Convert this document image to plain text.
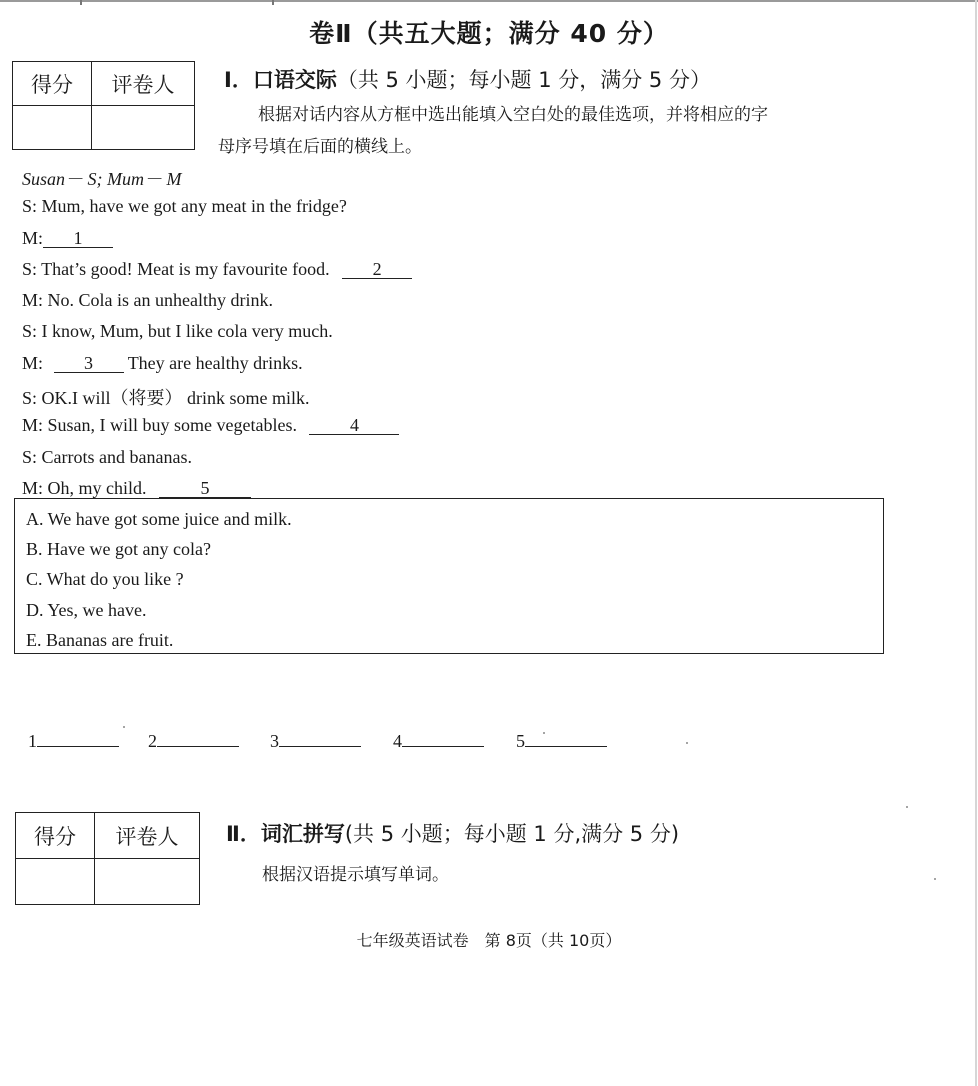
卷Ⅱ（共五大题；满分 40 分）
得分	评卷人
	Ⅰ．口语交际（共 5 小题；每小题 1 分，满分 5 分）
根据对话内容从方框中选出能填入空白处的最佳选项，并将相应的字
母序号填在后面的横线上。
Susan－ S; Mum－ M
S: Mum, have we got any meat in the fridge?
M: 1
S: That’s good! Meat is my favourite food. 2
M: No. Cola is an unhealthy drink.
S: I know, Mum, but I like cola very much.
M: 3 They are healthy drinks.
S: OK.I will（将要） drink some milk.
M: Susan, I will buy some vegetables.	4
S: Carrots and bananas.
M: Oh, my child.	5
A. We have got some juice and milk.
B. Have we got any cola?
C. What do you like ?
D. Yes, we have.
E. Bananas are fruit.
1	2	3	4	5
得分	评卷人
	Ⅱ．词汇拼写(共 5 小题；每小题 1 分,满分 5 分)
根据汉语提示填写单词。
七年级英语试卷　第 8页（共 10页）
